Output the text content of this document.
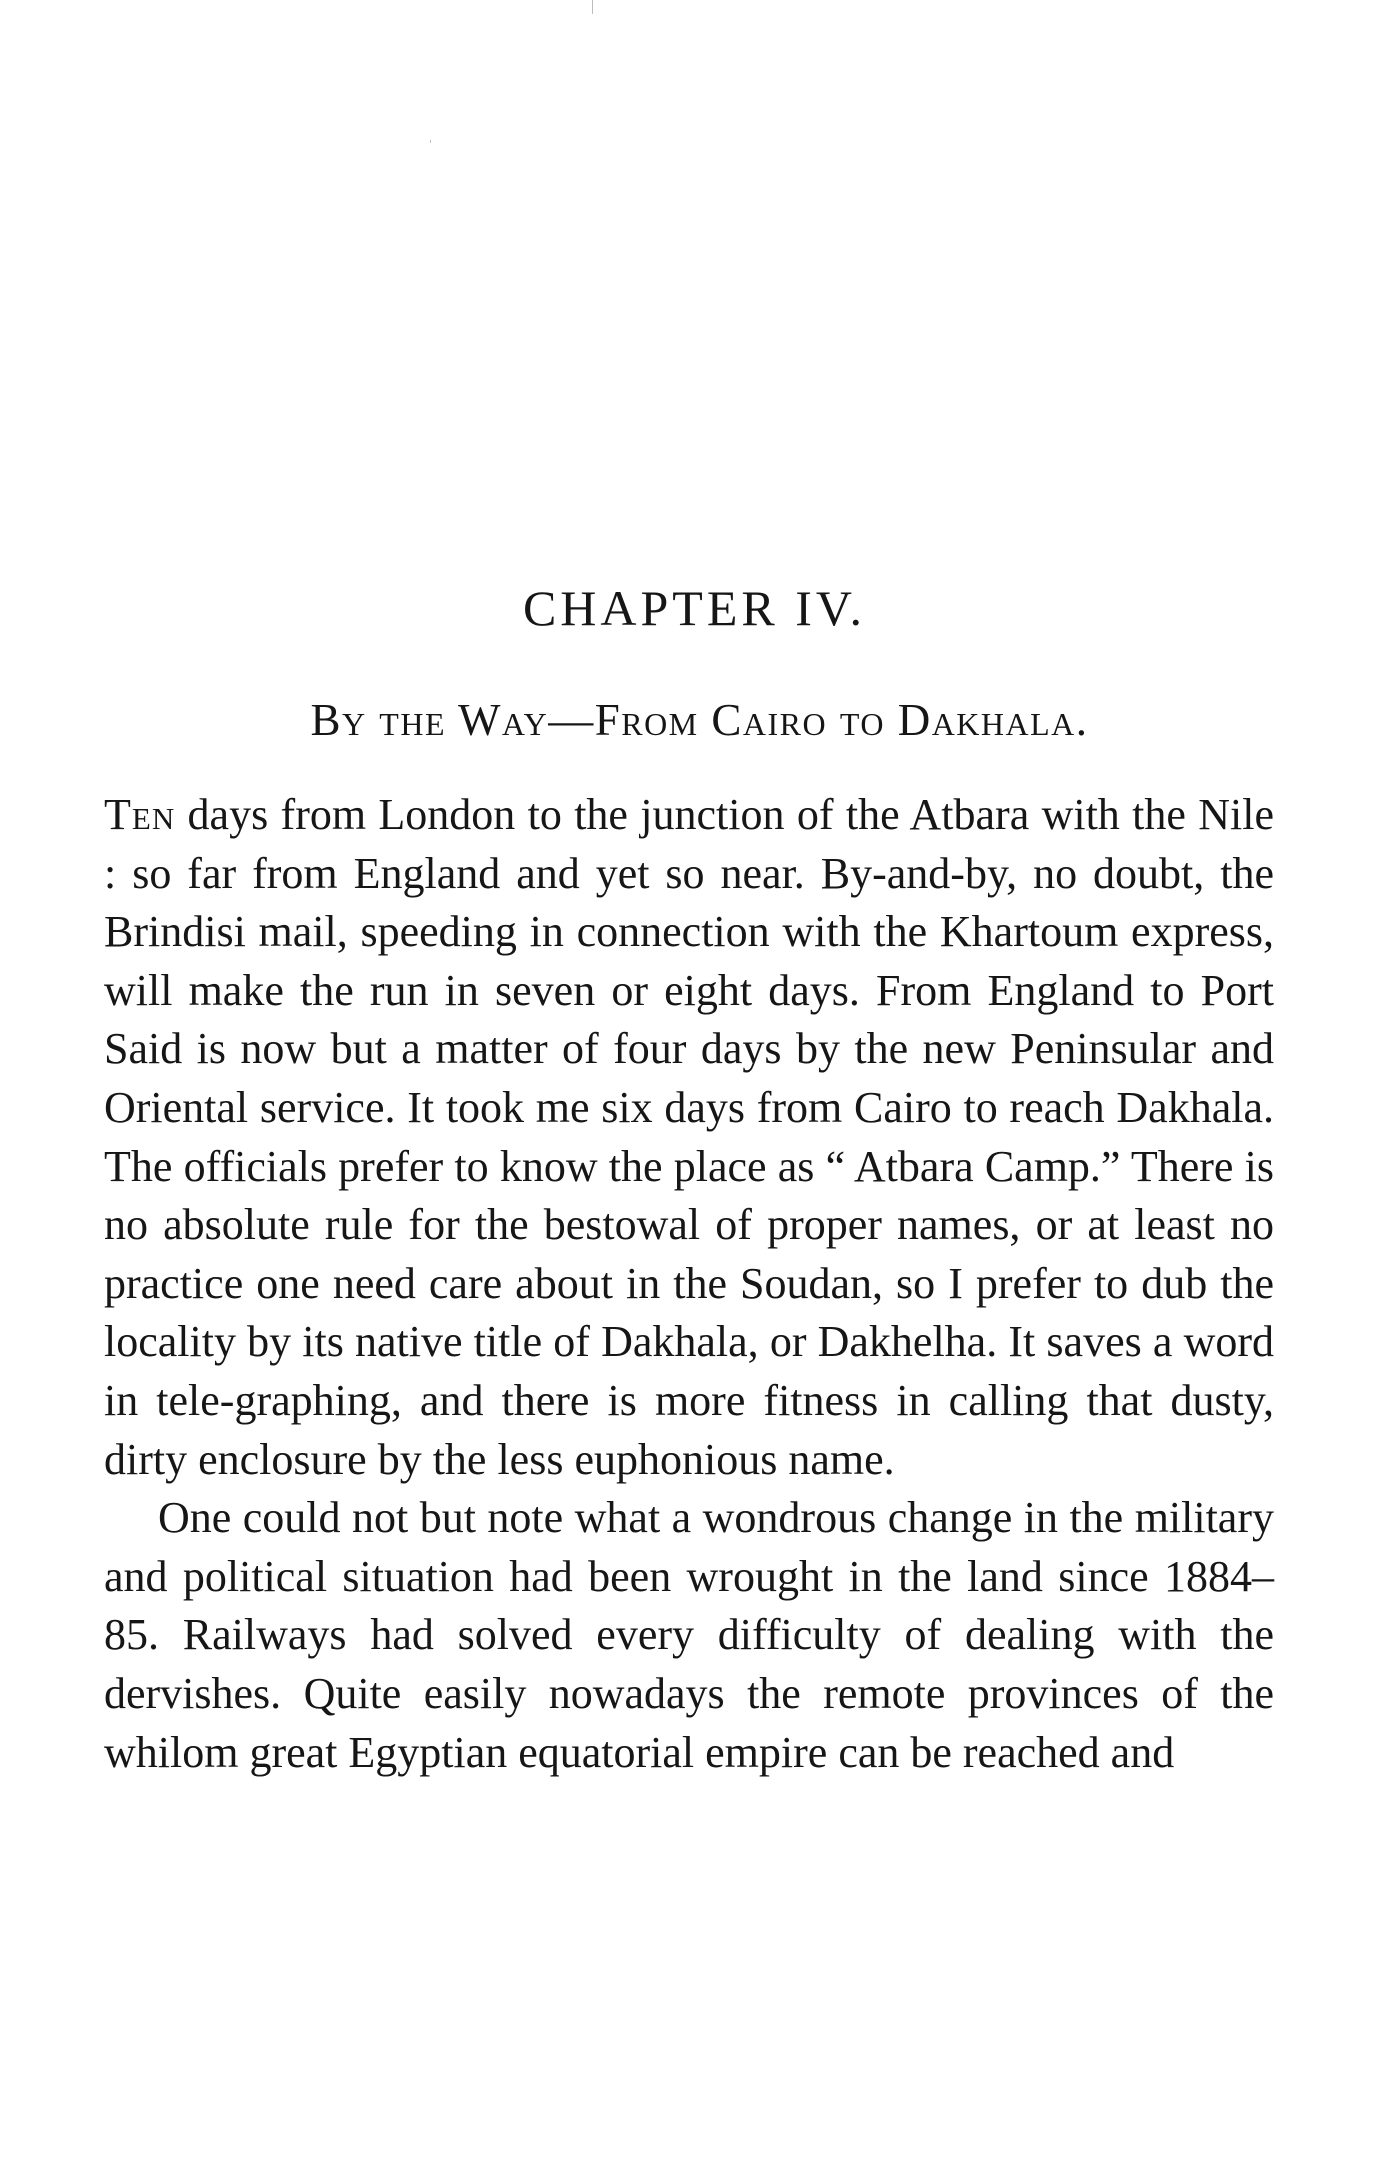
CHAPTER IV.
By the Way—From Cairo to Dakhala.

Ten days from London to the junction of the Atbara with the Nile : so far from England and yet so near. By-and-by, no doubt, the Brindisi mail, speeding in connection with the Khartoum express, will make the run in seven or eight days. From England to Port Said is now but a matter of four days by the new Peninsular and Oriental service. It took me six days from Cairo to reach Dakhala. The officials prefer to know the place as “ Atbara Camp.” There is no absolute rule for the bestowal of proper names, or at least no practice one need care about in the Soudan, so I prefer to dub the locality by its native title of Dakhala, or Dakhelha. It saves a word in tele-graphing, and there is more fitness in calling that dusty, dirty enclosure by the less euphonious name.

One could not but note what a wondrous change in the military and political situation had been wrought in the land since 1884–85. Railways had solved every difficulty of dealing with the dervishes. Quite easily nowadays the remote provinces of the whilom great Egyptian equatorial empire can be reached and
